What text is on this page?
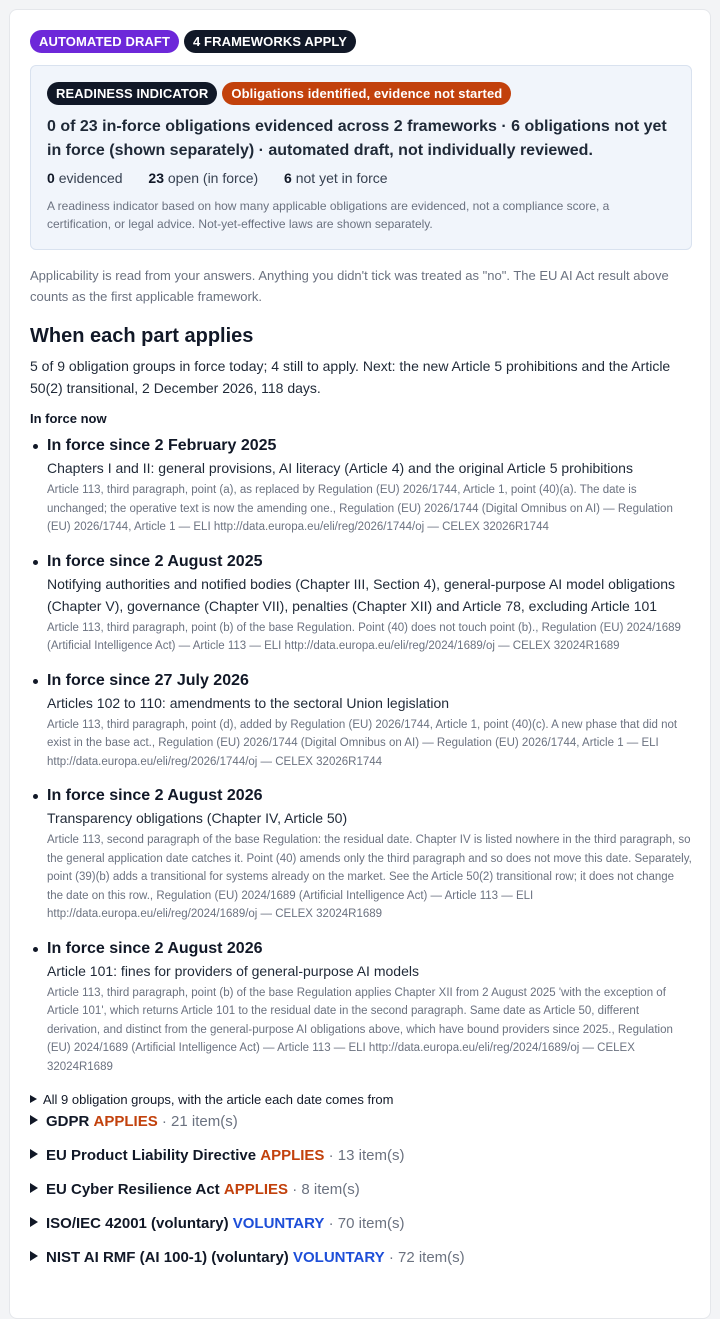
AUTOMATED DRAFT 4 FRAMEWORKS APPLY
READINESS INDICATOR Obligations identified, evidence not started
0 of 23 in-force obligations evidenced across 2 frameworks · 6 obligations not yet in force (shown separately) · automated draft, not individually reviewed.
0 evidenced 23 open (in force) 6 not yet in force
A readiness indicator based on how many applicable obligations are evidenced, not a compliance score, a certification, or legal advice. Not-yet-effective laws are shown separately.
Applicability is read from your answers. Anything you didn't tick was treated as "no". The EU AI Act result above counts as the first applicable framework.
When each part applies
5 of 9 obligation groups in force today; 4 still to apply. Next: the new Article 5 prohibitions and the Article 50(2) transitional, 2 December 2026, 118 days.
In force now
In force since 2 February 2025
Chapters I and II: general provisions, AI literacy (Article 4) and the original Article 5 prohibitions
Article 113, third paragraph, point (a), as replaced by Regulation (EU) 2026/1744, Article 1, point (40)(a). The date is unchanged; the operative text is now the amending one., Regulation (EU) 2026/1744 (Digital Omnibus on AI) — Regulation (EU) 2026/1744, Article 1 — ELI http://data.europa.eu/eli/reg/2026/1744/oj — CELEX 32026R1744
In force since 2 August 2025
Notifying authorities and notified bodies (Chapter III, Section 4), general-purpose AI model obligations (Chapter V), governance (Chapter VII), penalties (Chapter XII) and Article 78, excluding Article 101
Article 113, third paragraph, point (b) of the base Regulation. Point (40) does not touch point (b)., Regulation (EU) 2024/1689 (Artificial Intelligence Act) — Article 113 — ELI http://data.europa.eu/eli/reg/2024/1689/oj — CELEX 32024R1689
In force since 27 July 2026
Articles 102 to 110: amendments to the sectoral Union legislation
Article 113, third paragraph, point (d), added by Regulation (EU) 2026/1744, Article 1, point (40)(c). A new phase that did not exist in the base act., Regulation (EU) 2026/1744 (Digital Omnibus on AI) — Regulation (EU) 2026/1744, Article 1 — ELI http://data.europa.eu/eli/reg/2026/1744/oj — CELEX 32026R1744
In force since 2 August 2026
Transparency obligations (Chapter IV, Article 50)
Article 113, second paragraph of the base Regulation: the residual date. Chapter IV is listed nowhere in the third paragraph, so the general application date catches it. Point (40) amends only the third paragraph and so does not move this date. Separately, point (39)(b) adds a transitional for systems already on the market. See the Article 50(2) transitional row; it does not change the date on this row., Regulation (EU) 2024/1689 (Artificial Intelligence Act) — Article 113 — ELI http://data.europa.eu/eli/reg/2024/1689/oj — CELEX 32024R1689
In force since 2 August 2026
Article 101: fines for providers of general-purpose AI models
Article 113, third paragraph, point (b) of the base Regulation applies Chapter XII from 2 August 2025 'with the exception of Article 101', which returns Article 101 to the residual date in the second paragraph. Same date as Article 50, different derivation, and distinct from the general-purpose AI obligations above, which have bound providers since 2025., Regulation (EU) 2024/1689 (Artificial Intelligence Act) — Article 113 — ELI http://data.europa.eu/eli/reg/2024/1689/oj — CELEX 32024R1689
All 9 obligation groups, with the article each date comes from
GDPR APPLIES · 21 item(s)
EU Product Liability Directive APPLIES · 13 item(s)
EU Cyber Resilience Act APPLIES · 8 item(s)
ISO/IEC 42001 (voluntary) VOLUNTARY · 70 item(s)
NIST AI RMF (AI 100-1) (voluntary) VOLUNTARY · 72 item(s)
